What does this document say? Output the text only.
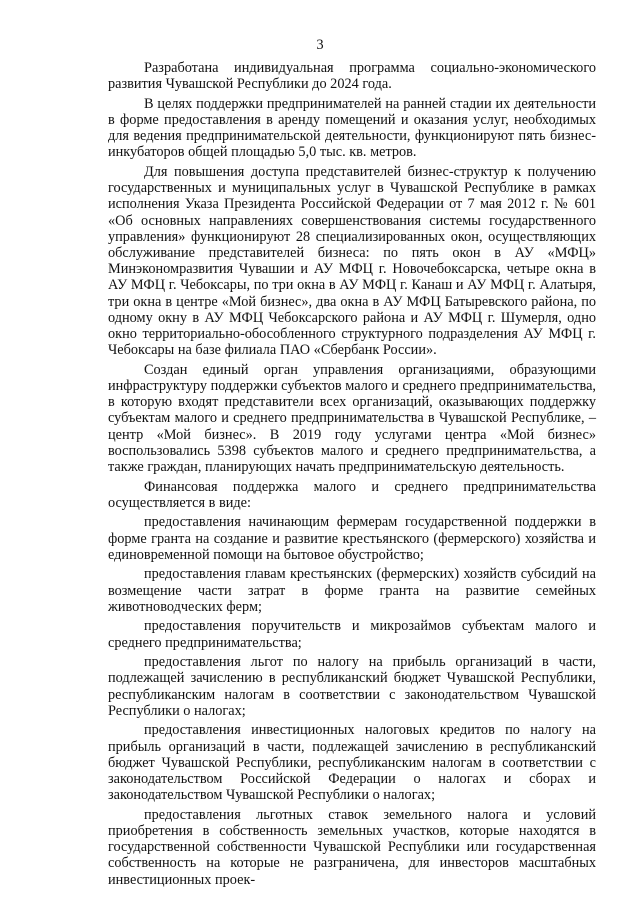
3

Разработана индивидуальная программа социально-экономического развития Чувашской Республики до 2024 года.

В целях поддержки предпринимателей на ранней стадии их деятельности в форме предоставления в аренду помещений и оказания услуг, необходимых для ведения предпринимательской деятельности, функционируют пять бизнес-инкубаторов общей площадью 5,0 тыс. кв. метров.

Для повышения доступа представителей бизнес-структур к получению государственных и муниципальных услуг в Чувашской Республике в рамках исполнения Указа Президента Российской Федерации от 7 мая 2012 г. № 601 «Об основных направлениях совершенствования системы государственного управления» функционируют 28 специализированных окон, осуществляющих обслуживание представителей бизнеса: по пять окон в АУ «МФЦ» Минэкономразвития Чувашии и АУ МФЦ г. Новочебоксарска, четыре окна в АУ МФЦ г. Чебоксары, по три окна в АУ МФЦ г. Канаш и АУ МФЦ г. Алатыря, три окна в центре «Мой бизнес», два окна в АУ МФЦ Батыревского района, по одному окну в АУ МФЦ Чебоксарского района и АУ МФЦ г. Шумерля, одно окно территориально-обособленного структурного подразделения АУ МФЦ г. Чебоксары на базе филиала ПАО «Сбербанк России».

Создан единый орган управления организациями, образующими инфраструктуру поддержки субъектов малого и среднего предпринимательства, в которую входят представители всех организаций, оказывающих поддержку субъектам малого и среднего предпринимательства в Чувашской Республике, – центр «Мой бизнес». В 2019 году услугами центра «Мой бизнес» воспользовались 5398 субъектов малого и среднего предпринимательства, а также граждан, планирующих начать предпринимательскую деятельность.

Финансовая поддержка малого и среднего предпринимательства осуществляется в виде:

предоставления начинающим фермерам государственной поддержки в форме гранта на создание и развитие крестьянского (фермерского) хозяйства и единовременной помощи на бытовое обустройство;

предоставления главам крестьянских (фермерских) хозяйств субсидий на возмещение части затрат в форме гранта на развитие семейных животноводческих ферм;

предоставления поручительств и микрозаймов субъектам малого и среднего предпринимательства;

предоставления льгот по налогу на прибыль организаций в части, подлежащей зачислению в республиканский бюджет Чувашской Республики, республиканским налогам в соответствии с законодательством Чувашской Республики о налогах;

предоставления инвестиционных налоговых кредитов по налогу на прибыль организаций в части, подлежащей зачислению в республиканский бюджет Чувашской Республики, республиканским налогам в соответствии с законодательством Российской Федерации о налогах и сборах и законодательством Чувашской Республики о налогах;

предоставления льготных ставок земельного налога и условий приобретения в собственность земельных участков, которые находятся в государственной собственности Чувашской Республики или государственная собственность на которые не разграничена, для инвесторов масштабных инвестиционных проек-
